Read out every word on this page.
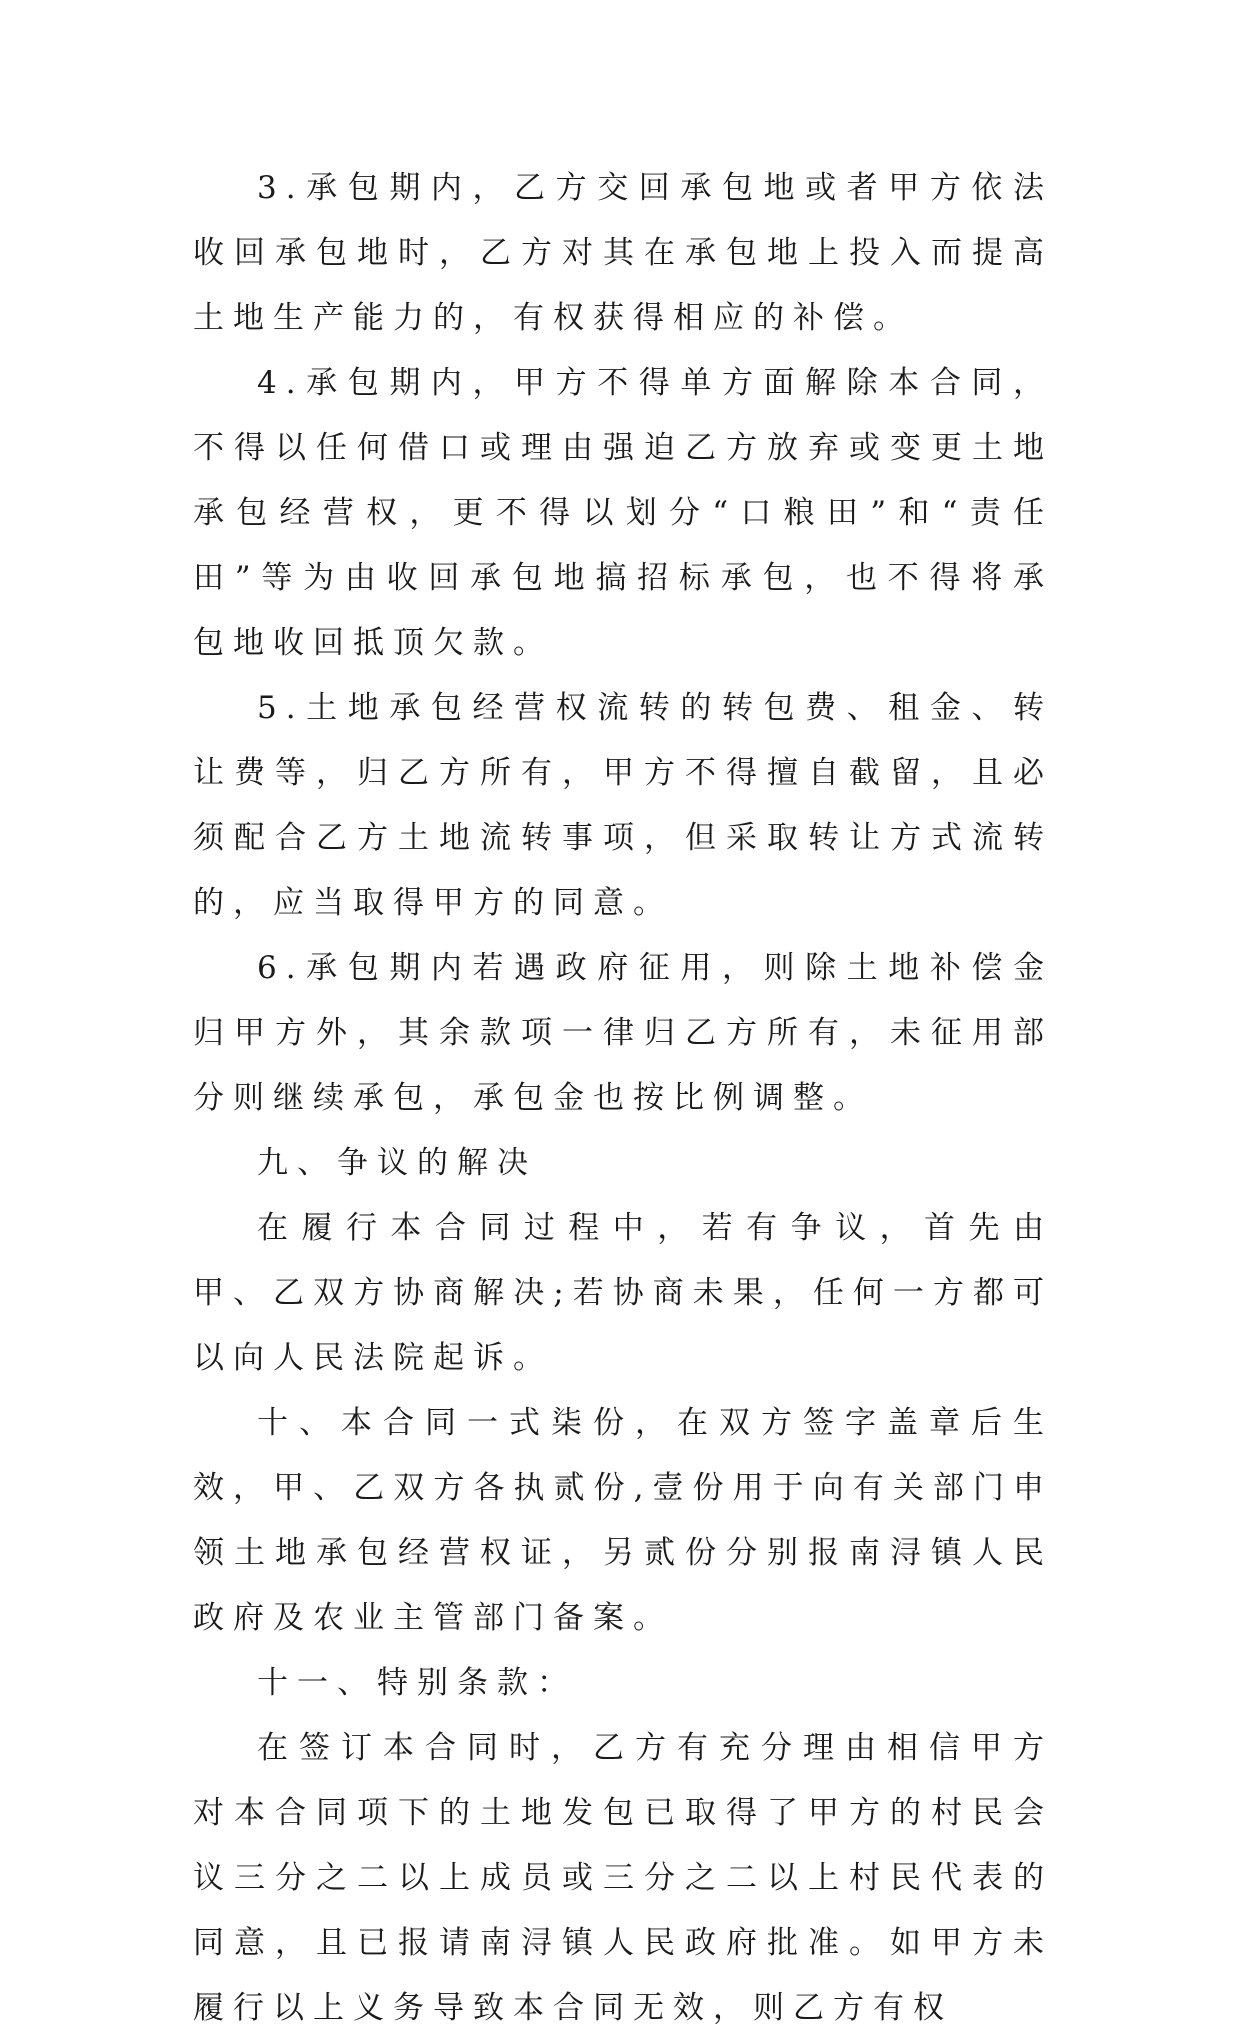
3.承包期内，乙方交回承包地或者甲方依法收回承包地时，乙方对其在承包地上投入而提高土地生产能力的，有权获得相应的补偿。

4.承包期内，甲方不得单方面解除本合同，不得以任何借口或理由强迫乙方放弃或变更土地承包经营权，更不得以划分“口粮田”和“责任田”等为由收回承包地搞招标承包，也不得将承包地收回抵顶欠款。

5.土地承包经营权流转的转包费、租金、转让费等，归乙方所有，甲方不得擅自截留，且必须配合乙方土地流转事项，但采取转让方式流转的，应当取得甲方的同意。

6.承包期内若遇政府征用，则除土地补偿金归甲方外，其余款项一律归乙方所有，未征用部分则继续承包，承包金也按比例调整。

九、争议的解决

在履行本合同过程中，若有争议，首先由甲、乙双方协商解决;若协商未果，任何一方都可以向人民法院起诉。

十、本合同一式柒份，在双方签字盖章后生效，甲、乙双方各执贰份,壹份用于向有关部门申领土地承包经营权证，另贰份分别报南浔镇人民政府及农业主管部门备案。

十一、特别条款：

在签订本合同时，乙方有充分理由相信甲方对本合同项下的土地发包已取得了甲方的村民会议三分之二以上成员或三分之二以上村民代表的同意，且已报请南浔镇人民政府批准。如甲方未履行以上义务导致本合同无效，则乙方有权
